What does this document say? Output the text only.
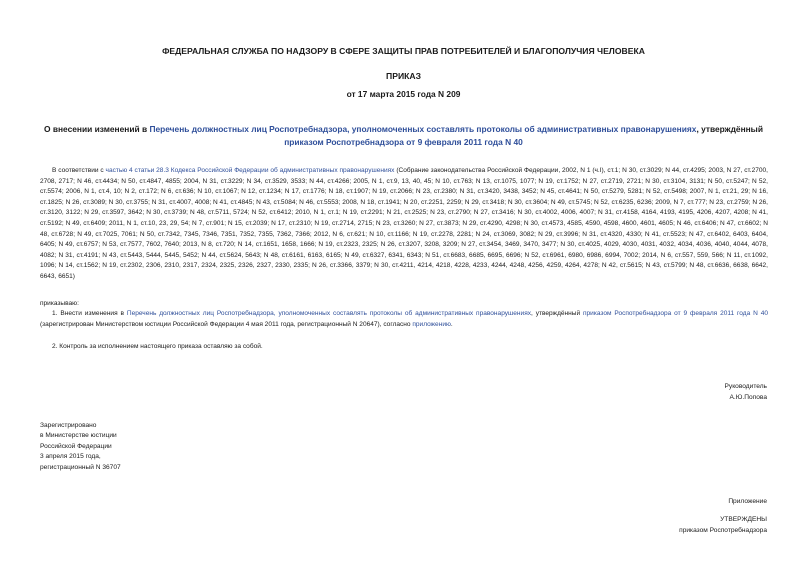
ФЕДЕРАЛЬНАЯ СЛУЖБА ПО НАДЗОРУ В СФЕРЕ ЗАЩИТЫ ПРАВ ПОТРЕБИТЕЛЕЙ И БЛАГОПОЛУЧИЯ ЧЕЛОВЕКА
ПРИКАЗ
от 17 марта 2015 года N 209
О внесении изменений в Перечень должностных лиц Роспотребнадзора, уполномоченных составлять протоколы об административных правонарушениях, утверждённый
приказом Роспотребнадзора от 9 февраля 2011 года N 40
В соответствии с частью 4 статьи 28.3 Кодекса Российской Федерации об административных правонарушениях (Собрание законодательства Российской Федерации, 2002, N 1 (ч.I), ст.1; N 30, ст.3029; N 44, ст.4295; 2003, N 27, ст.2700, 2708, 2717; N 46, ст.4434; N 50, ст.4847, 4855; 2004, N 31, ст.3229; N 34, ст.3529, 3533; N 44, ст.4266; 2005, N 1, ст.9, 13, 40, 45; N 10, ст.763; N 13, ст.1075, 1077; N 19, ст.1752; N 27, ст.2719, 2721; N 30, ст.3104, 3131; N 50, ст.5247; N 52, ст.5574; 2006, N 1, ст.4, 10; N 2, ст.172; N 6, ст.636; N 10, ст.1067; N 12, ст.1234; N 17, ст.1776; N 18, ст.1907; N 19, ст.2066; N 23, ст.2380; N 31, ст.3420, 3438, 3452; N 45, ст.4641; N 50, ст.5279, 5281; N 52, ст.5498; 2007, N 1, ст.21, 29; N 16, ст.1825; N 26, ст.3089; N 30, ст.3755; N 31, ст.4007, 4008; N 41, ст.4845; N 43, ст.5084; N 46, ст.5553; 2008, N 18, ст.1941; N 20, ст.2251, 2259; N 29, ст.3418; N 30, ст.3604; N 49, ст.5745; N 52, ст.6235, 6236; 2009, N 7, ст.777; N 23, ст.2759; N 26, ст.3120, 3122; N 29, ст.3597, 3642; N 30, ст.3739; N 48, ст.5711, 5724; N 52, ст.6412; 2010, N 1, ст.1; N 19, ст.2291; N 21, ст.2525; N 23, ст.2790; N 27, ст.3416; N 30, ст.4002, 4006, 4007; N 31, ст.4158, 4164, 4193, 4195, 4206, 4207, 4208; N 41, ст.5192; N 49, ст.6409; 2011, N 1, ст.10, 23, 29, 54; N 7, ст.901; N 15, ст.2039; N 17, ст.2310; N 19, ст.2714, 2715; N 23, ст.3260; N 27, ст.3873; N 29, ст.4290, 4298; N 30, ст.4573, 4585, 4590, 4598, 4600, 4601, 4605; N 46, ст.6406; N 47, ст.6602; N 48, ст.6728; N 49, ст.7025, 7061; N 50, ст.7342, 7345, 7346, 7351, 7352, 7355, 7362, 7366; 2012, N 6, ст.621; N 10, ст.1166; N 19, ст.2278, 2281; N 24, ст.3069, 3082; N 29, ст.3996; N 31, ст.4320, 4330; N 41, ст.5523; N 47, ст.6402, 6403, 6404, 6405; N 49, ст.6757; N 53, ст.7577, 7602, 7640; 2013, N 8, ст.720; N 14, ст.1651, 1658, 1666; N 19, ст.2323, 2325; N 26, ст.3207, 3208, 3209; N 27, ст.3454, 3469, 3470, 3477; N 30, ст.4025, 4029, 4030, 4031, 4032, 4034, 4036, 4040, 4044, 4078, 4082; N 31, ст.4191; N 43, ст.5443, 5444, 5445, 5452; N 44, ст.5624, 5643; N 48, ст.6161, 6163, 6165; N 49, ст.6327, 6341, 6343; N 51, ст.6683, 6685, 6695, 6696; N 52, ст.6961, 6980, 6986, 6994, 7002; 2014, N 6, ст.557, 559, 566; N 11, ст.1092, 1096; N 14, ст.1562; N 19, ст.2302, 2306, 2310, 2317, 2324, 2325, 2326, 2327, 2330, 2335; N 26, ст.3366, 3379; N 30, ст.4211, 4214, 4218, 4228, 4233, 4244, 4248, 4256, 4259, 4264, 4278; N 42, ст.5615; N 43, ст.5799; N 48, ст.6636, 6638, 6642, 6643, 6651)
приказываю:
1. Внести изменения в Перечень должностных лиц Роспотребнадзора, уполномоченных составлять протоколы об административных правонарушениях, утверждённый приказом Роспотребнадзора от 9 февраля 2011 года N 40 (зарегистрирован Министерством юстиции Российской Федерации 4 мая 2011 года, регистрационный N 20647), согласно приложению.
2. Контроль за исполнением настоящего приказа оставляю за собой.
Руководитель
А.Ю.Попова
Зарегистрировано
в Министерстве юстиции
Российской Федерации
3 апреля 2015 года,
регистрационный N 36707
Приложение
УТВЕРЖДЕНЫ
приказом Роспотребнадзора
